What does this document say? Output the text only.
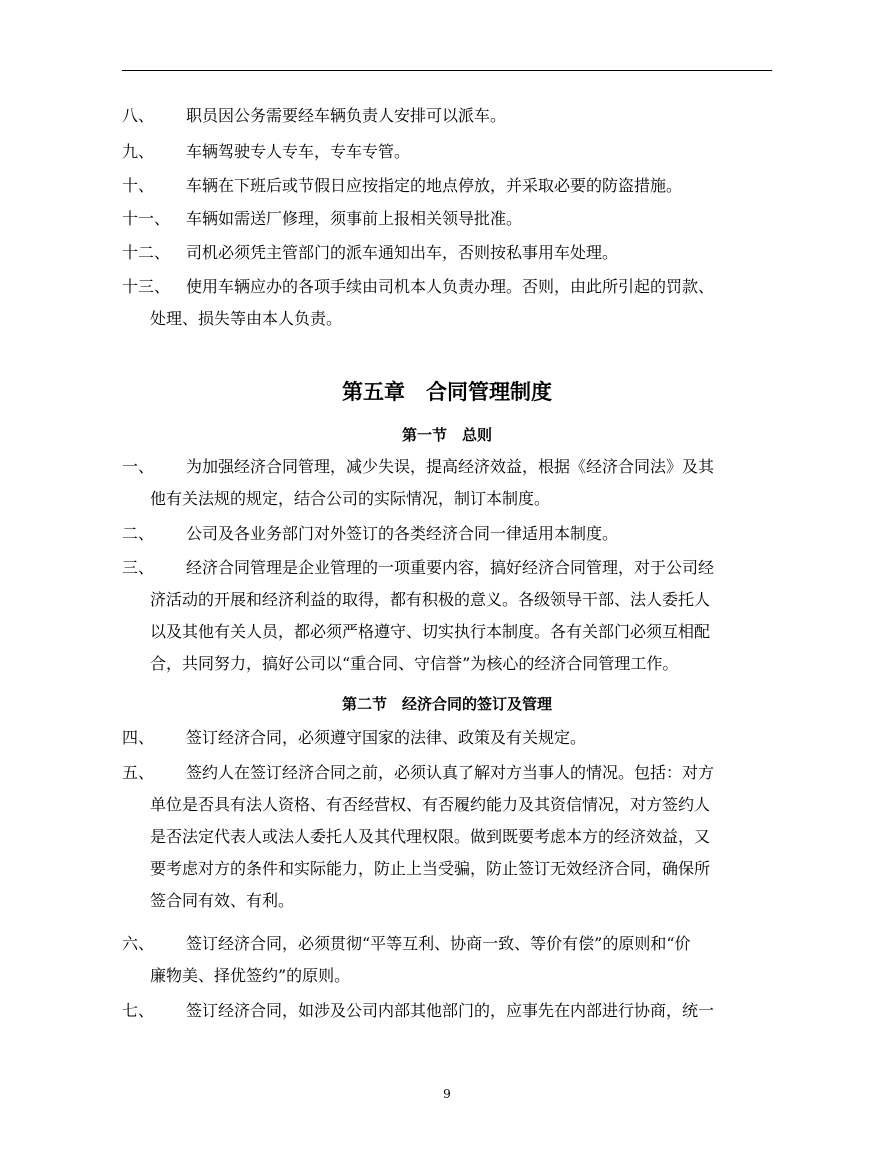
八、	职员因公务需要经车辆负责人安排可以派车。
九、	车辆驾驶专人专车，专车专管。
十、	车辆在下班后或节假日应按指定的地点停放，并采取必要的防盗措施。
十一、 车辆如需送厂修理，须事前上报相关领导批准。
十二、 司机必须凭主管部门的派车通知出车，否则按私事用车处理。
十三、 使用车辆应办的各项手续由司机本人负责办理。否则，由此所引起的罚款、
处理、损失等由本人负责。
第五章　合同管理制度
第一节　总则
一、	为加强经济合同管理，减少失误，提高经济效益，根据《经济合同法》及其
他有关法规的规定，结合公司的实际情况，制订本制度。
二、	公司及各业务部门对外签订的各类经济合同一律适用本制度。
三、	经济合同管理是企业管理的一项重要内容，搞好经济合同管理，对于公司经
济活动的开展和经济利益的取得，都有积极的意义。各级领导干部、法人委托人
以及其他有关人员，都必须严格遵守、切实执行本制度。各有关部门必须互相配
合，共同努力，搞好公司以“重合同、守信誉”为核心的经济合同管理工作。
第二节　经济合同的签订及管理
四、	签订经济合同，必须遵守国家的法律、政策及有关规定。
五、	签约人在签订经济合同之前，必须认真了解对方当事人的情况。包括：对方
单位是否具有法人资格、有否经营权、有否履约能力及其资信情况，对方签约人
是否法定代表人或法人委托人及其代理权限。做到既要考虑本方的经济效益，又
要考虑对方的条件和实际能力，防止上当受骗，防止签订无效经济合同，确保所
签合同有效、有利。
六、	签订经济合同，必须贯彻“平等互利、协商一致、等价有偿”的原则和“价
廉物美、择优签约”的原则。
七、	签订经济合同，如涉及公司内部其他部门的，应事先在内部进行协商，统一
9
